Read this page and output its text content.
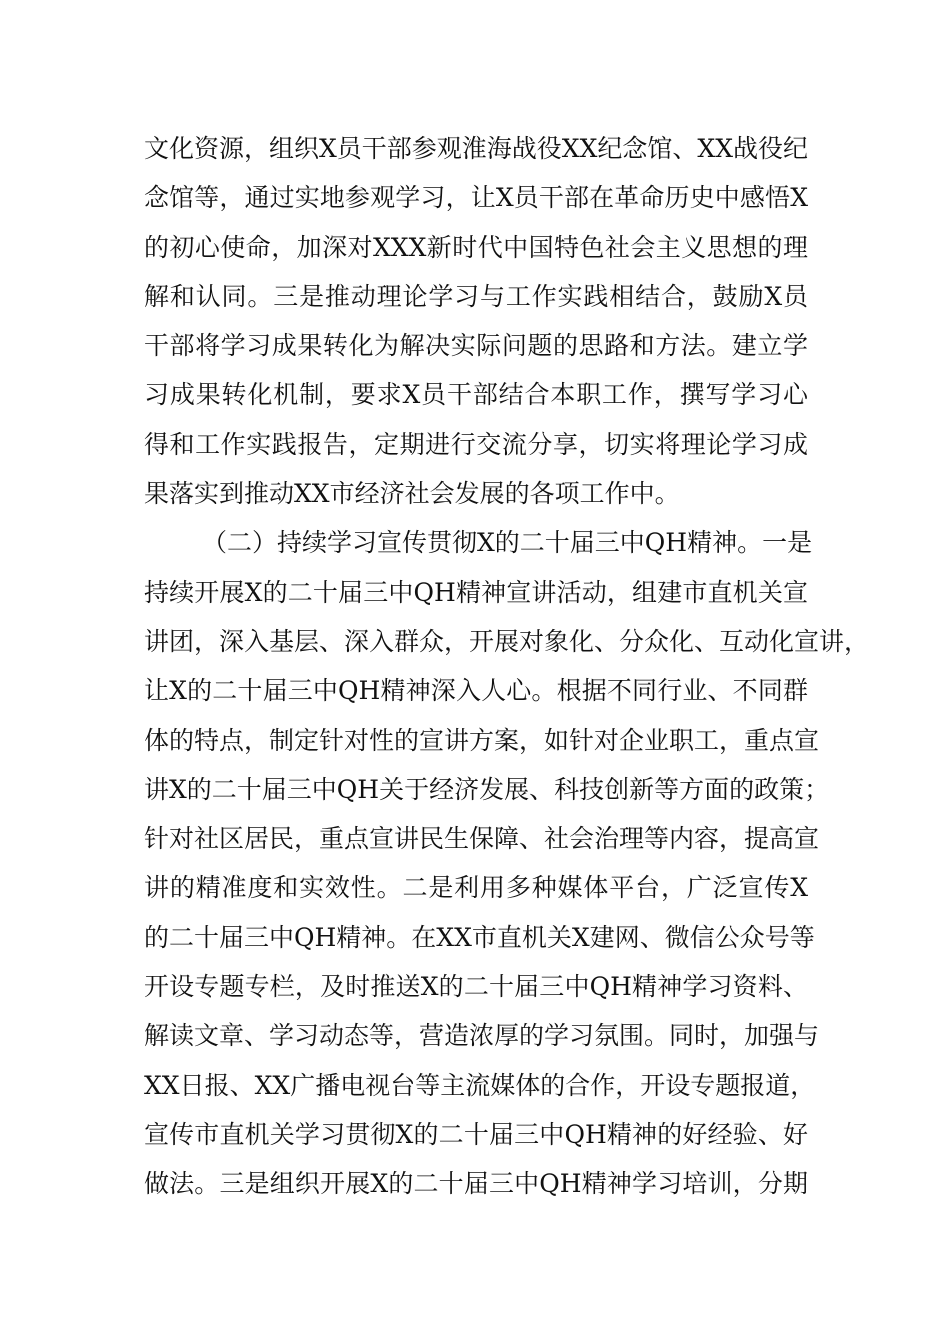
文化资源，组织X员干部参观淮海战役XX纪念馆、XX战役纪
念馆等，通过实地参观学习，让X员干部在革命历史中感悟X
的初心使命，加深对XXX新时代中国特色社会主义思想的理
解和认同。三是推动理论学习与工作实践相结合，鼓励X员
干部将学习成果转化为解决实际问题的思路和方法。建立学
习成果转化机制，要求X员干部结合本职工作，撰写学习心
得和工作实践报告，定期进行交流分享，切实将理论学习成
果落实到推动XX市经济社会发展的各项工作中。
（二）持续学习宣传贯彻X的二十届三中QH精神。一是
持续开展X的二十届三中QH精神宣讲活动，组建市直机关宣
讲团，深入基层、深入群众，开展对象化、分众化、互动化宣讲，
让X的二十届三中QH精神深入人心。根据不同行业、不同群
体的特点，制定针对性的宣讲方案，如针对企业职工，重点宣
讲X的二十届三中QH关于经济发展、科技创新等方面的政策；
针对社区居民，重点宣讲民生保障、社会治理等内容，提高宣
讲的精准度和实效性。二是利用多种媒体平台，广泛宣传X
的二十届三中QH精神。在XX市直机关X建网、微信公众号等
开设专题专栏，及时推送X的二十届三中QH精神学习资料、
解读文章、学习动态等，营造浓厚的学习氛围。同时，加强与
XX日报、XX广播电视台等主流媒体的合作，开设专题报道，
宣传市直机关学习贯彻X的二十届三中QH精神的好经验、好
做法。三是组织开展X的二十届三中QH精神学习培训，分期
